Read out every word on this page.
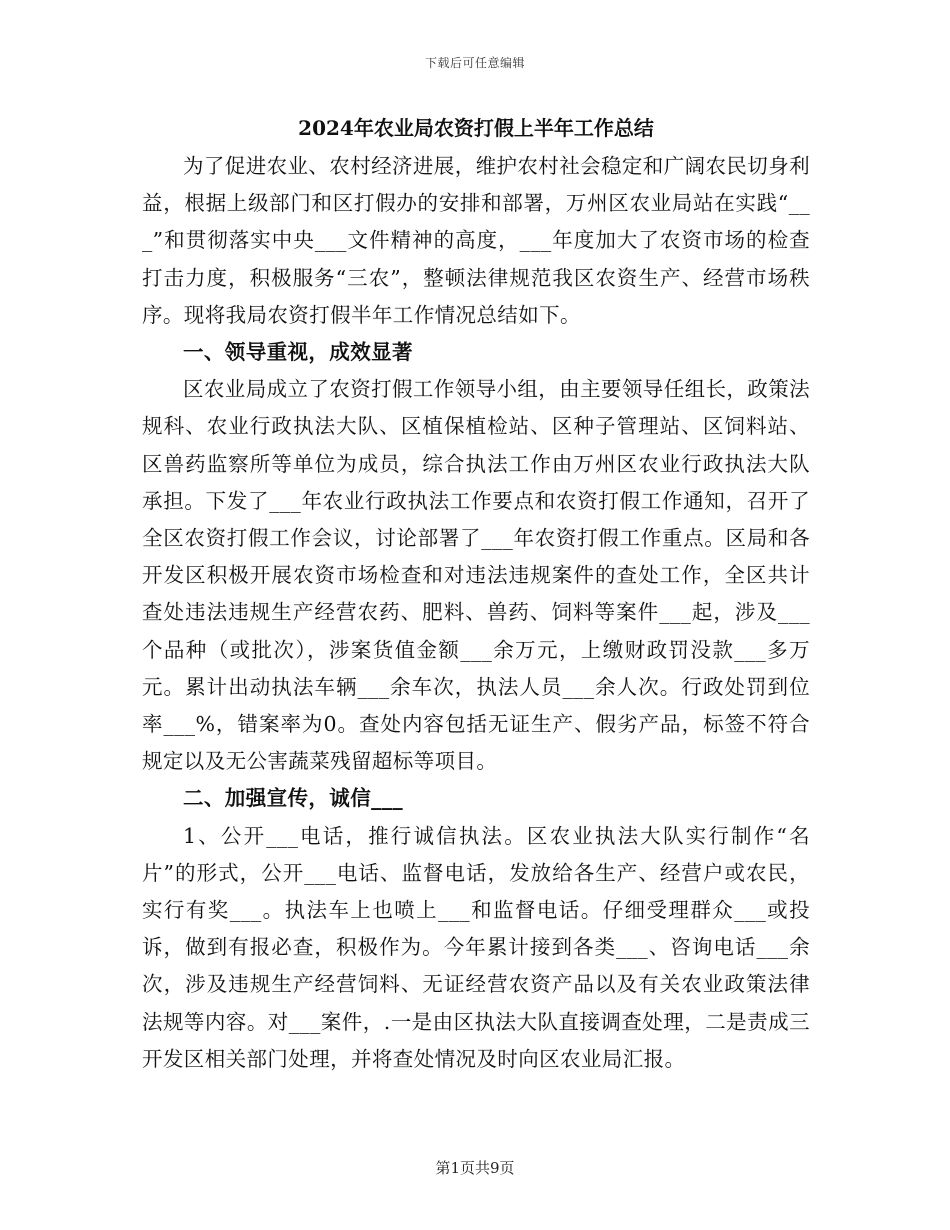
下载后可任意编辑
2024年农业局农资打假上半年工作总结

为了促进农业、农村经济进展，维护农村社会稳定和广阔农民切身利益，根据上级部门和区打假办的安排和部署，万州区农业局站在实践“___”和贯彻落实中央___文件精神的高度，___年度加大了农资市场的检查打击力度，积极服务“三农”，整顿法律规范我区农资生产、经营市场秩序。现将我局农资打假半年工作情况总结如下。

一、领导重视，成效显著

区农业局成立了农资打假工作领导小组，由主要领导任组长，政策法规科、农业行政执法大队、区植保植检站、区种子管理站、区饲料站、区兽药监察所等单位为成员，综合执法工作由万州区农业行政执法大队承担。下发了___年农业行政执法工作要点和农资打假工作通知，召开了全区农资打假工作会议，讨论部署了___年农资打假工作重点。区局和各开发区积极开展农资市场检查和对违法违规案件的查处工作，全区共计查处违法违规生产经营农药、肥料、兽药、饲料等案件___起，涉及___个品种（或批次），涉案货值金额___余万元，上缴财政罚没款___多万元。累计出动执法车辆___余车次，执法人员___余人次。行政处罚到位率___%，错案率为0。查处内容包括无证生产、假劣产品，标签不符合规定以及无公害蔬菜残留超标等项目。

二、加强宣传，诚信___

1、公开___电话，推行诚信执法。区农业执法大队实行制作“名片”的形式，公开___电话、监督电话，发放给各生产、经营户或农民，实行有奖___。执法车上也喷上___和监督电话。仔细受理群众___或投诉，做到有报必查，积极作为。今年累计接到各类___、咨询电话___余次，涉及违规生产经营饲料、无证经营农资产品以及有关农业政策法律法规等内容。对___案件，.一是由区执法大队直接调查处理，二是责成三开发区相关部门处理，并将查处情况及时向区农业局汇报。

第1页共9页
